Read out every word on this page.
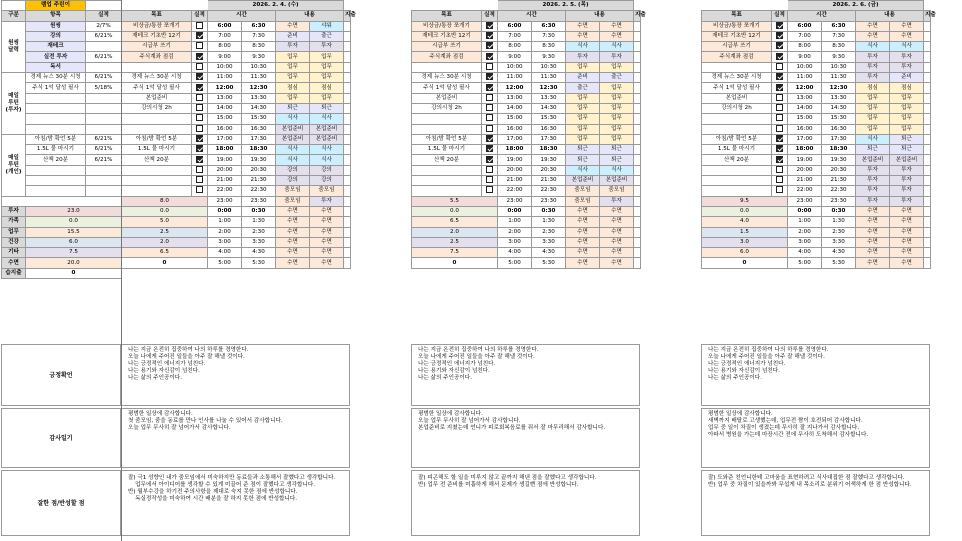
	램업 주린이	
구분	항목	실적
원씽
달력	원씽	2/7%
	강의	6/21%
	재테크	
	실전 투자	6/21%
	독서	
매일
루틴
(투자)	경제 뉴스 30분 시청	6/21%
	주식 1억 달성 필사	5/18%

매일
루틴
(개인)	아침/밤 확언 5분	6/21%
	1.5L 물 마시기	6/21%
	산책 20분	6/21%

투자	23.0	
가족	0.0	
업무	15.5	
건강	6.0	
기타	7.5	
수면	20.0	
습지출	0	
		2026. 2. 4. (수)				
목표	실적	시간		내용		지출
비상금/통장 쪼개기		6:00	6:30	수면	샤워	
재테크 기초반 12기		7:00	7:30	준비	출근	
시급부 쓰기		8:00	8:30	투자	투자	
주식계좌 점검		9:00	9:30	업무	업무	
		10:00	10:30	업무	업무	
경제 뉴스 30분 시청		11:00	11:30	업무	업무	
주식 1억 달성 필사		12:00	12:30	점심	점심	
본업준비		13:00	13:30	업무	업무	
강의시청 2h		14:00	14:30	퇴근	퇴근	
		15:00	15:30	식사	식사	
		16:00	16:30	본업준비	본업준비	
아침/밤 확언 5분		17:00	17:30	본업준비	본업준비	
1.5L 물 마시기		18:00	18:30	식사	식사	
산책 20분		19:00	19:30	식사	식사	
		20:00	20:30	강의	강의	
		21:00	21:30	강의	강의	
		22:00	22:30	줌모임	줌모임	
8.0		23:00	23:30	줌모임	투자	
0.0		0:00	0:30	수면	수면	
5.0		1:00	1:30	수면	수면	
2.5		2:00	2:30	수면	수면	
2.0		3:00	3:30	수면	수면	
6.5		4:00	4:30	수면	수면	
0		5:00	5:30	수면	수면	
나는 지금 온전히 집중하여 나의 하루를 경영한다.
오늘 나에게 주어진 일들을 아주 잘 해낼 것이다.
나는 긍정적인 에너지가 넘친다.
나는 용기와 자신감이 넘친다.
나는 삶의 주인공이다.
평범한 일상에 감사합니다.
첫 줌모임, 줌을 동료를 만나 인사를 나눌 수 있어서 감사합니다.
오늘 업무 무사히 잘 넘어가서 감사합니다.
잘) 극1 성향인 내가 줌모임에서 미숙하지만 동료들과 소통해서 잘했다고 생각합니다.
업무에서 아이디어를 생각할 수 있게 미끌어 준 점이 잘했다고 생각합니다.
반) 월부수강을 하기전 주의사항을 제대로 숙지 못한 점에 반성합니다.
독실정작성을 미숙하여 시간 배분을 잘 하지 못한 점에 반성합니다.
		2026. 2. 5. (목)				
목표	실적	시간		내용		지출
비상금/통장 쪼개기		6:00	6:30	수면	수면	
재테크 기초반 12기		7:00	7:30	수면	수면	
시급부 쓰기		8:00	8:30	식사	식사	
주식계좌 점검		9:00	9:30	투자	투자	
		10:00	10:30	업무	업무	
경제 뉴스 30분 시청		11:00	11:30	준비	출근	
주식 1억 달성 필사		12:00	12:30	출근	업무	
본업준비		13:00	13:30	업무	업무	
강의시청 2h		14:00	14:30	업무	업무	
		15:00	15:30	업무	업무	
		16:00	16:30	업무	업무	
아침/밤 확언 5분		17:00	17:30	업무	업무	
1.5L 물 마시기		18:00	18:30	퇴근	퇴근	
산책 20분		19:00	19:30	퇴근	퇴근	
		20:00	20:30	식사	식사	
		21:00	21:30	본업준비	본업준비	
		22:00	22:30	줌모임	줌모임	
5.5		23:00	23:30	줌모임	투자	
0.0		0:00	0:30	수면	수면	
6.5		1:00	1:30	수면	수면	
2.0		2:00	2:30	수면	수면	
2.5		3:00	3:30	수면	수면	
7.5		4:00	4:30	수면	수면	
0		5:00	5:30	수면	수면	
나는 지금 온전히 집중하여 나의 하루를 경영한다.
오늘 나에게 주어진 일들을 아주 잘 해낼 것이다.
나는 긍정적인 에너지가 넘친다.
나는 용기와 자신감이 넘친다.
나는 삶의 주인공이다.
평범한 일상에 감사합니다.
오늘 업무 무사히 잘 넘어가서 감사합니다.
본업준비로 지쳤는데 언니가 피로회복음료를 줘서 잘 마무리해서 감사합니다.
잘) 피곤해도 할 일을 미루지 않고 끝까지 해낸 점을 잘했다고 생각합니다.
반) 업무 전 준비를 미흡하게 해서 문제가 생길뻔 점에 반성합니다.
		2026. 2. 6. (금)				
목표	실적	시간		내용		지출
비상금/통장 쪼개기		6:00	6:30	수면	수면	
재테크 기초반 12기		7:00	7:30	수면	수면	
시급부 쓰기		8:00	8:30	식사	식사	
주식계좌 점검		9:00	9:30	투자	투자	
		10:00	10:30	투자	투자	
경제 뉴스 30분 시청		11:00	11:30	투자	준비	
주식 1억 달성 필사		12:00	12:30	점심	점심	
본업준비		13:00	13:30	업무	업무	
강의시청 2h		14:00	14:30	업무	업무	
		15:00	15:30	업무	업무	
		16:00	16:30	업무	업무	
아침/밤 확언 5분		17:00	17:30	식사	퇴근	
1.5L 물 마시기		18:00	18:30	퇴근	퇴근	
산책 20분		19:00	19:30	본업준비	본업준비	
		20:00	20:30	투자	투자	
		21:00	21:30	투자	투자	
		22:00	22:30	투자	투자	
9.5		23:00	23:30	투자	투자	
0.0		0:00	0:30	수면	수면	
4.0		1:00	1:30	수면	수면	
1.5		2:00	2:30	수면	수면	
3.0		3:00	3:30	수면	수면	
6.0		4:00	4:30	수면	수면	
0		5:00	5:30	수면	수면	
나는 지금 온전히 집중하여 나의 하루를 경영한다.
오늘 나에게 주어진 일들을 아주 잘 해낼 것이다.
나는 긍정적인 에너지가 넘친다.
나는 용기와 자신감이 넘친다.
나는 삶의 주인공이다.
평범한 일상에 감사합니다.
새벽까지 배탈로 고생했는데, 업무전 짬이 호전되어 감사합니다.
업무 중 일이 차질이 생겼는데 무사히 잘 지나가서 감사합니다.
아파서 병원을 가는데 마장시간 전에 무사히 도착해서 감사합니다.
잘) 도와준 친언니한테 고마움을 표현하려고 식사대접한 점 잘했다고 생각합니다.
반) 업무 중 차질이 있을까봐 무섭게 내 목소리로 분위기 어색하게 한 점 반성합니다.
긍정확언
감사일기
잘한 점/반성할 점
